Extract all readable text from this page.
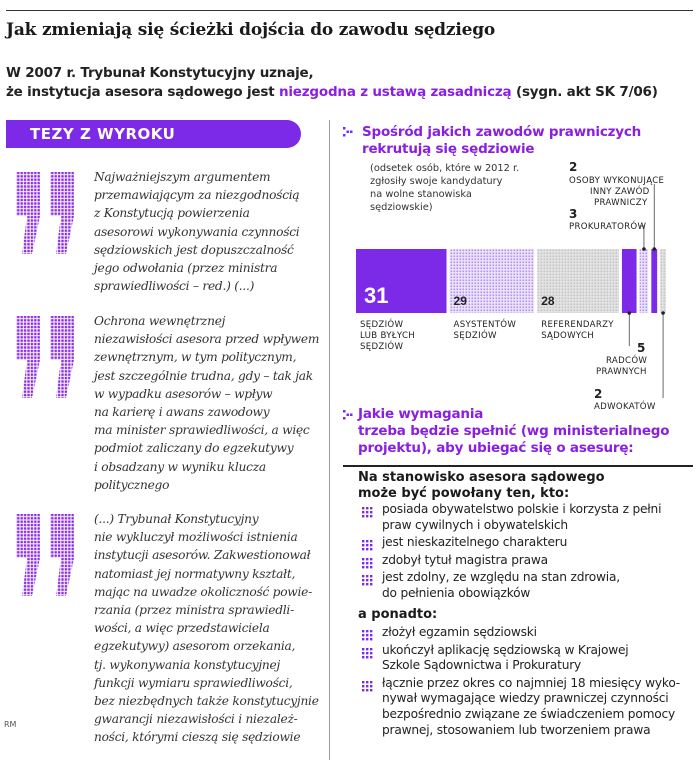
Jak zmieniają się ścieżki dojścia do zawodu sędziego
W 2007 r. Trybunał Konstytucyjny uznaje,
że instytucja asesora sądowego jest niezgodna z ustawą zasadniczą (sygn. akt SK 7/06)
TEZY Z WYROKU
Najważniejszym argumentem
przemawiającym za niezgodnością
z Konstytucją powierzenia
asesorowi wykonywania czynności
sędziowskich jest dopuszczalność
jego odwołania (przez ministra
sprawiedliwości – red.) (...)
Ochrona wewnętrznej
niezawisłości asesora przed wpływem
zewnętrznym, w tym politycznym,
jest szczególnie trudna, gdy – tak jak
w wypadku asesorów – wpływ
na karierę i awans zawodowy
ma minister sprawiedliwości, a więc
podmiot zaliczany do egzekutywy
i obsadzany w wyniku klucza
politycznego
(...) Trybunał Konstytucyjny
nie wykluczył możliwości istnienia
instytucji asesorów. Zakwestionował
natomiast jej normatywny kształt,
mając na uwadze okoliczność powie-
rzania (przez ministra sprawiedli-
wości, a więc przedstawiciela
egzekutywy) asesorom orzekania,
tj. wykonywania konstytucyjnej
funkcji wymiaru sprawiedliwości,
bez niezbędnych także konstytucyjnie
gwarancji niezawisłości i niezależ-
ności, którymi cieszą się sędziowie
RM
Spośród jakich zawodów prawniczych
rekrutują się sędziowie
(odsetek osób, które w 2012 r.
zgłosiły swoje kandydatury
na wolne stanowiska
sędziowskie)
31	29	28
SĘDZIÓW
LUB BYŁYCH
SĘDZIÓW
ASYSTENTÓW
SĘDZIÓW
REFERENDARZY
SĄDOWYCH
2
OSOBY WYKONUJĄCE
INNY ZAWÓD
PRAWNICZY
3
PROKURATORÓW
5
RADCÓW
PRAWNYCH
2
ADWOKATÓW
Jakie wymagania
trzeba będzie spełnić (wg ministerialnego
projektu), aby ubiegać się o asesurę:
Na stanowisko asesora sądowego
może być powołany ten, kto:
posiada obywatelstwo polskie i korzysta z pełni
praw cywilnych i obywatelskich
jest nieskazitelnego charakteru
zdobył tytuł magistra prawa
jest zdolny, ze względu na stan zdrowia,
do pełnienia obowiązków
złożył egzamin sędziowski
ukończył aplikację sędziowską w Krajowej
Szkole Sądownictwa i Prokuratury
łącznie przez okres co najmniej 18 miesięcy wyko-
nywał wymagające wiedzy prawniczej czynności
bezpośrednio związane ze świadczeniem pomocy
prawnej, stosowaniem lub tworzeniem prawa
a ponadto:
